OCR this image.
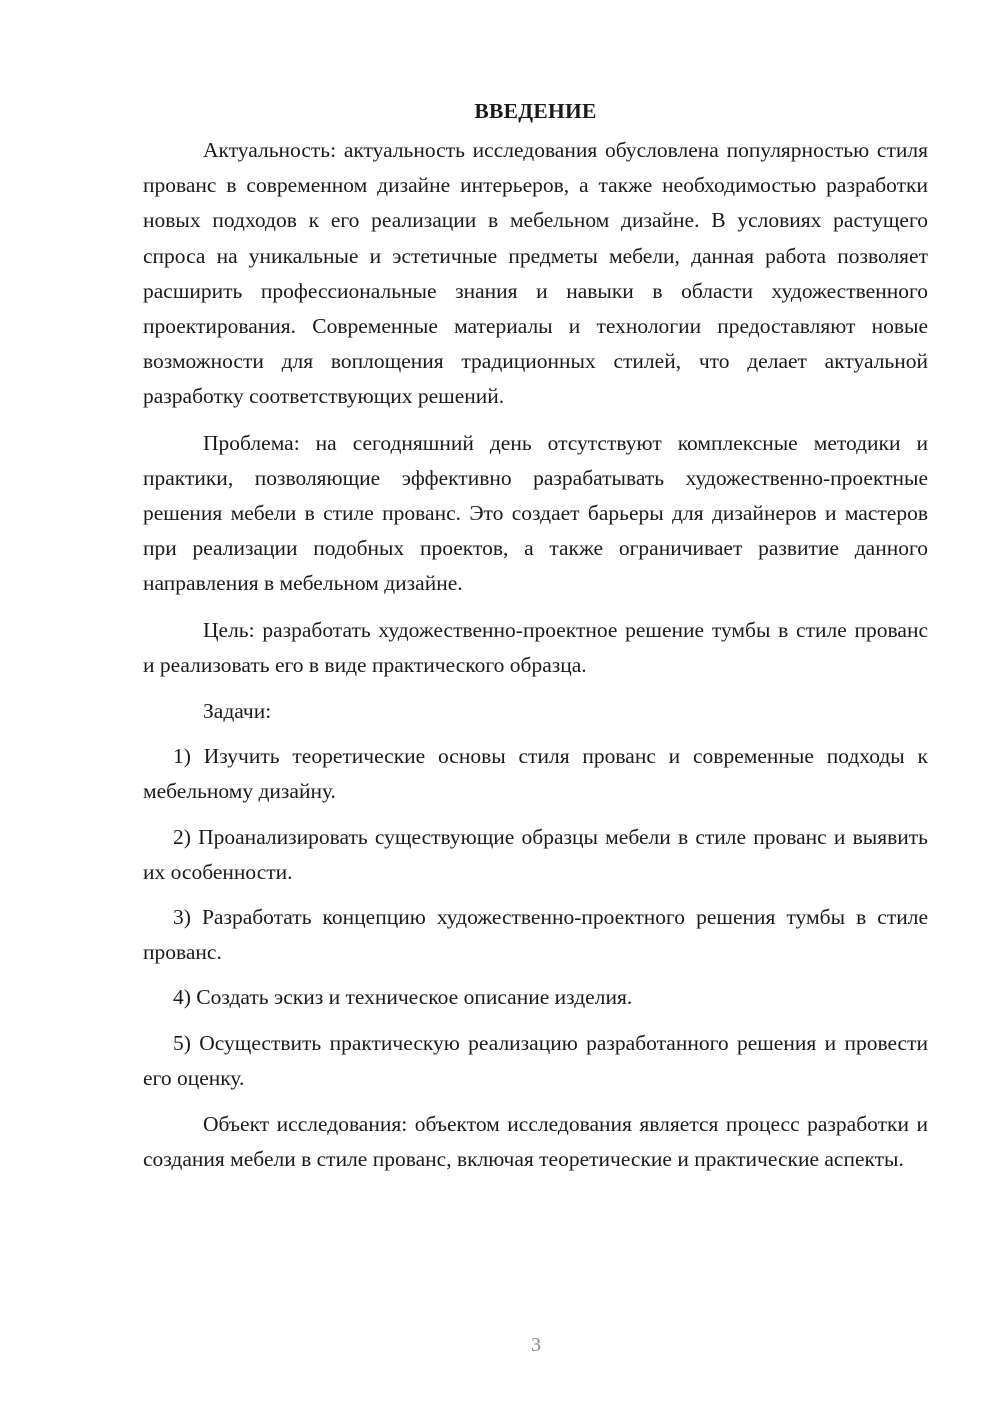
ВВЕДЕНИЕ

Актуальность: актуальность исследования обусловлена популярностью стиля прованс в современном дизайне интерьеров, а также необходимостью разработки новых подходов к его реализации в мебельном дизайне. В условиях растущего спроса на уникальные и эстетичные предметы мебели, данная работа позволяет расширить профессиональные знания и навыки в области художественного проектирования. Современные материалы и технологии предоставляют новые возможности для воплощения традиционных стилей, что делает актуальной разработку соответствующих решений.

Проблема: на сегодняшний день отсутствуют комплексные методики и практики, позволяющие эффективно разрабатывать художественно-проектные решения мебели в стиле прованс. Это создает барьеры для дизайнеров и мастеров при реализации подобных проектов, а также ограничивает развитие данного направления в мебельном дизайне.

Цель: разработать художественно-проектное решение тумбы в стиле прованс и реализовать его в виде практического образца.

Задачи:

1) Изучить теоретические основы стиля прованс и современные подходы к мебельному дизайну.

2) Проанализировать существующие образцы мебели в стиле прованс и выявить их особенности.

3) Разработать концепцию художественно-проектного решения тумбы в стиле прованс.

4) Создать эскиз и техническое описание изделия.

5) Осуществить практическую реализацию разработанного решения и провести его оценку.

Объект исследования: объектом исследования является процесс разработки и создания мебели в стиле прованс, включая теоретические и практические аспекты.

3
